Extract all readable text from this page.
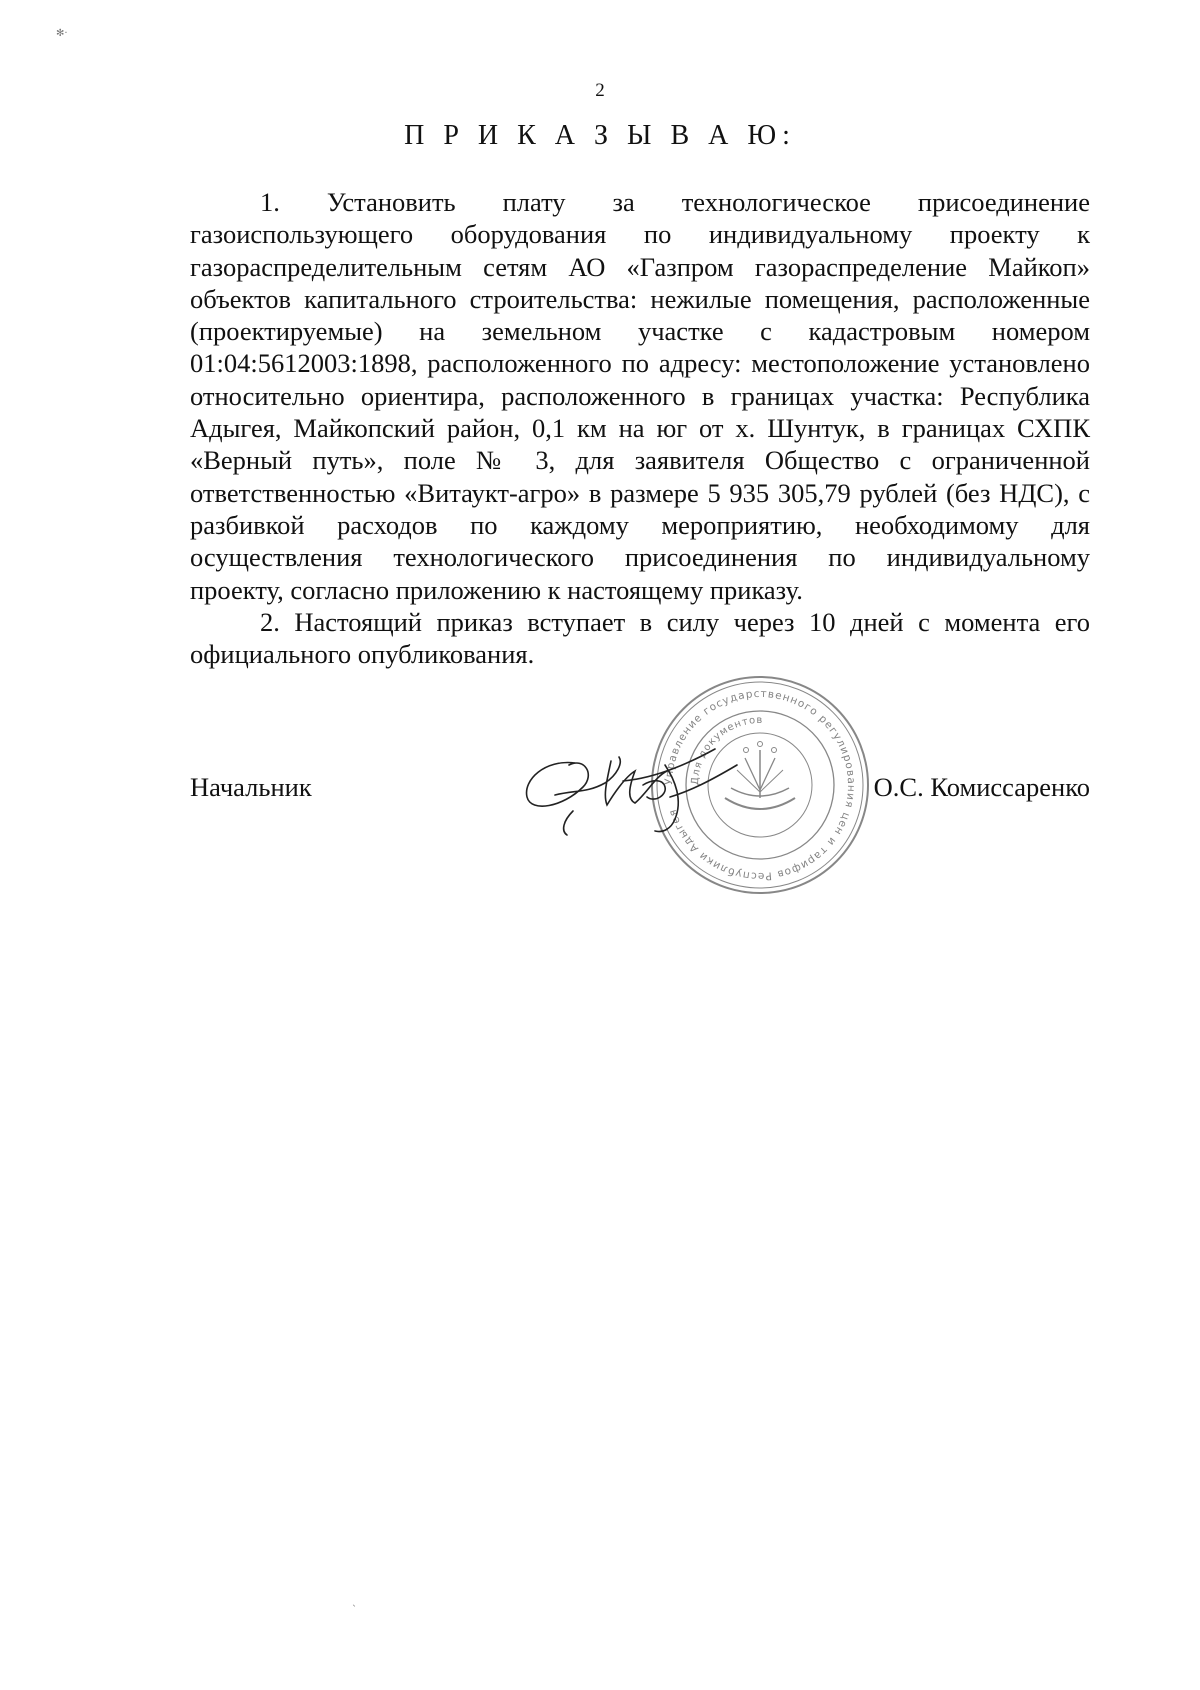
✻·
2
П Р И К А З Ы В А Ю:

1. Установить плату за технологическое присоединение газоиспользующего оборудования по индивидуальному проекту к газораспределительным сетям АО «Газпром газораспределение Майкоп» объектов капитального строительства: нежилые помещения, расположенные (проектируемые) на земельном участке с кадастровым номером 01:04:5612003:1898, расположенного по адресу: местоположение установлено относительно ориентира, расположенного в границах участка: Республика Адыгея, Майкопский район, 0,1 км на юг от х. Шунтук, в границах СХПК «Верный путь», поле № 3, для заявителя Общество с ограниченной ответственностью «Витаукт-агро» в размере 5 935 305,79 рублей (без НДС), с разбивкой расходов по каждому мероприятию, необходимому для осуществления технологического присоединения по индивидуальному проекту, согласно приложению к настоящему приказу.

2. Настоящий приказ вступает в силу через 10 дней с момента его официального опубликования.

Начальник	О.С. Комиссаренко
Управление государственного регулирования цен и тарифов Республики Адыгея
Для документов
ˎ
